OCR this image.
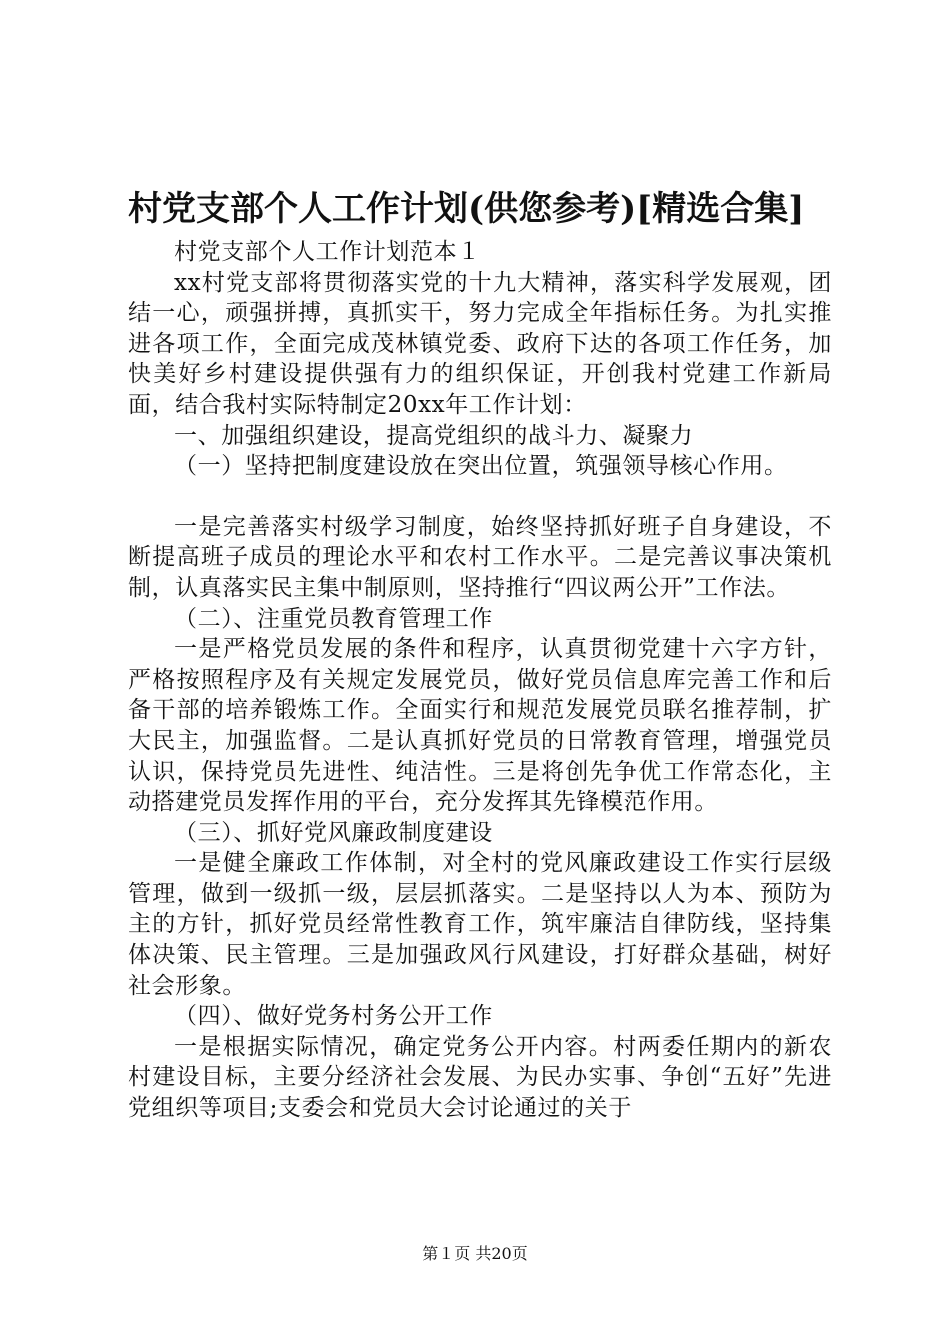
村党支部个人工作计划(供您参考)[精选合集]

村党支部个人工作计划范本１

xx村党支部将贯彻落实党的十九大精神，落实科学发展观，团结一心，顽强拼搏，真抓实干，努力完成全年指标任务。为扎实推进各项工作，全面完成茂林镇党委、政府下达的各项工作任务，加快美好乡村建设提供强有力的组织保证，开创我村党建工作新局面，结合我村实际特制定20xx年工作计划：

一、加强组织建设，提高党组织的战斗力、凝聚力

（一）坚持把制度建设放在突出位置，筑强领导核心作用。

一是完善落实村级学习制度，始终坚持抓好班子自身建设，不断提高班子成员的理论水平和农村工作水平。二是完善议事决策机制，认真落实民主集中制原则，坚持推行“四议两公开”工作法。

（二）、注重党员教育管理工作

一是严格党员发展的条件和程序，认真贯彻党建十六字方针，严格按照程序及有关规定发展党员，做好党员信息库完善工作和后备干部的培养锻炼工作。全面实行和规范发展党员联名推荐制，扩大民主，加强监督。二是认真抓好党员的日常教育管理，增强党员认识，保持党员先进性、纯洁性。三是将创先争优工作常态化，主动搭建党员发挥作用的平台，充分发挥其先锋模范作用。

（三）、抓好党风廉政制度建设

一是健全廉政工作体制，对全村的党风廉政建设工作实行层级管理，做到一级抓一级，层层抓落实。二是坚持以人为本、预防为主的方针，抓好党员经常性教育工作，筑牢廉洁自律防线，坚持集体决策、民主管理。三是加强政风行风建设，打好群众基础，树好社会形象。

（四）、做好党务村务公开工作

一是根据实际情况，确定党务公开内容。村两委任期内的新农村建设目标，主要分经济社会发展、为民办实事、争创“五好”先进党组织等项目;支委会和党员大会讨论通过的关于

第１页 共20页
